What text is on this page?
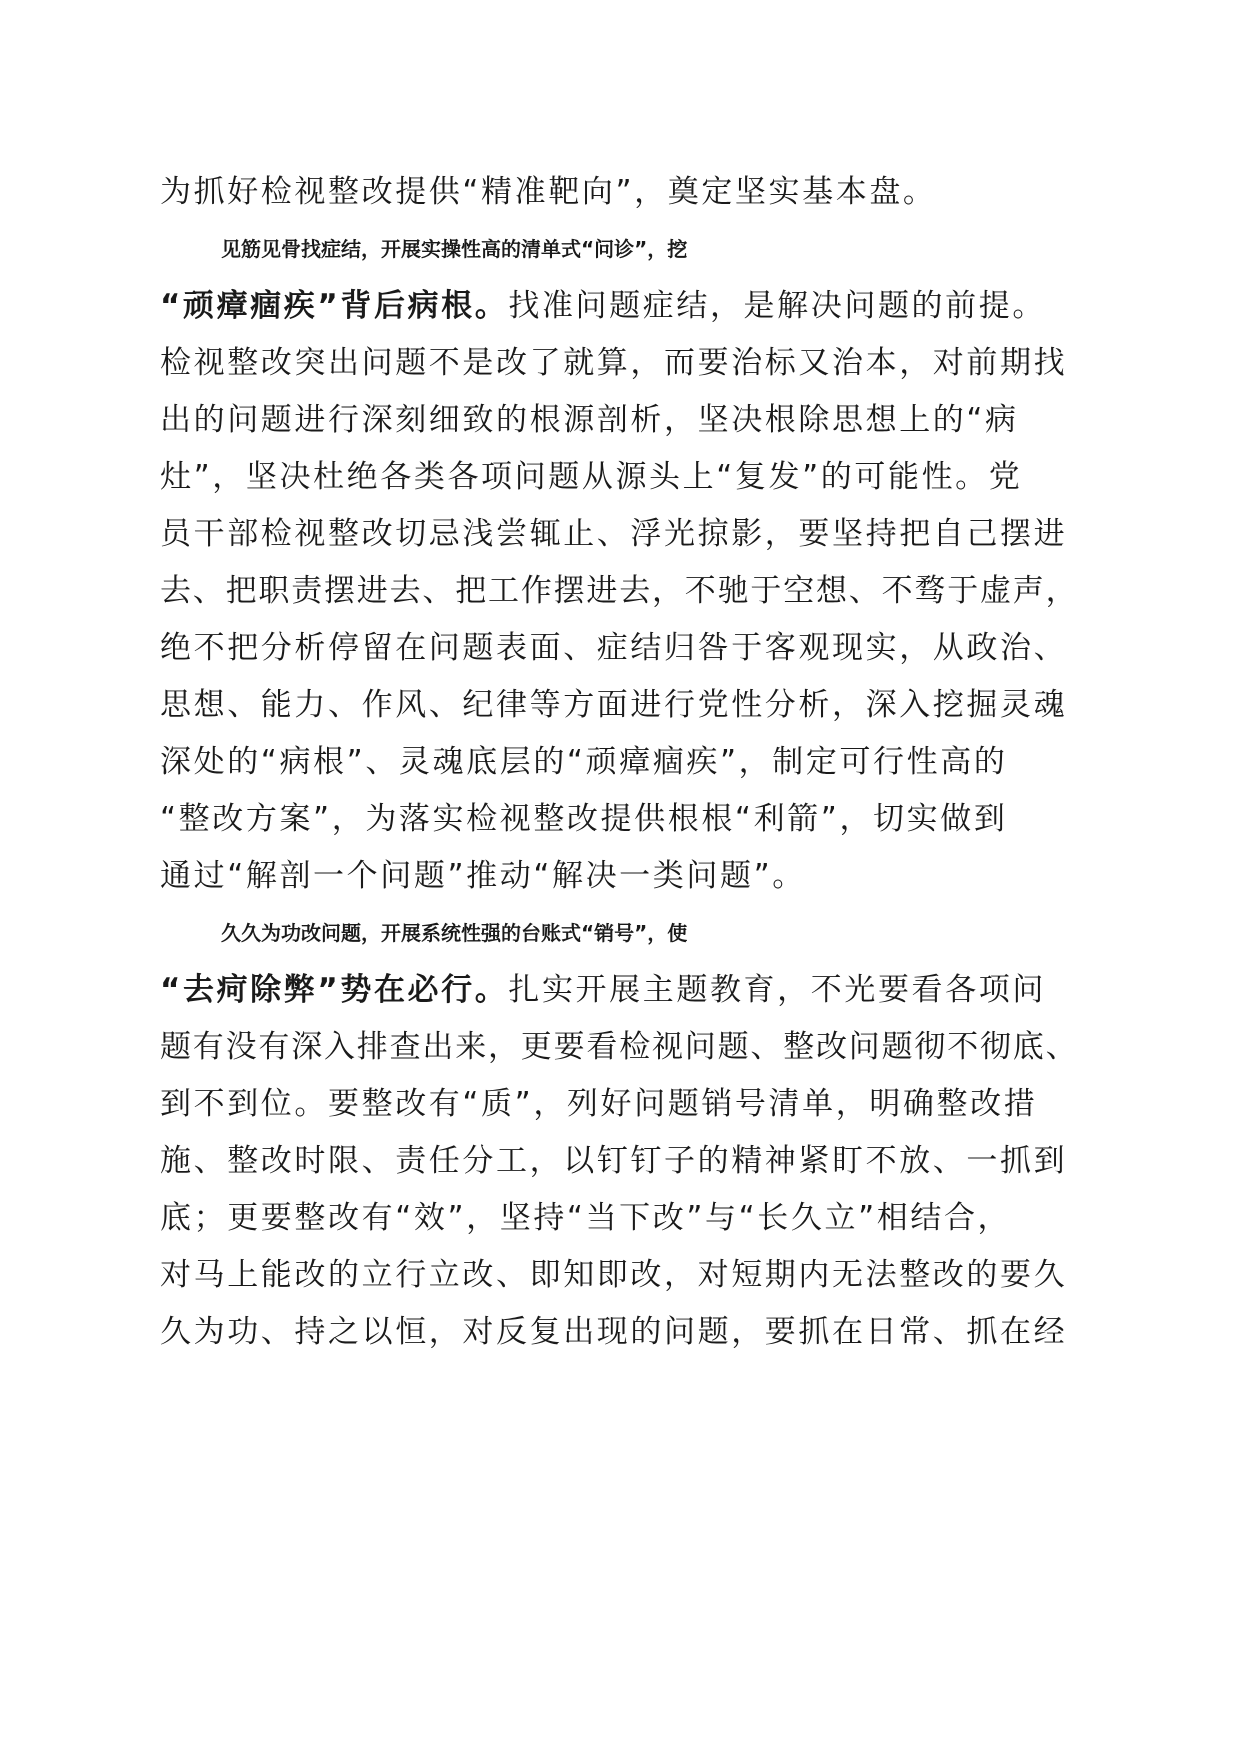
为抓好检视整改提供“精准靶向”，奠定坚实基本盘。
见筋见骨找症结，开展实操性高的清单式“问诊”，挖
“顽瘴痼疾”背后病根。找准问题症结，是解决问题的前提。
检视整改突出问题不是改了就算，而要治标又治本，对前期找
出的问题进行深刻细致的根源剖析，坚决根除思想上的“病
灶”，坚决杜绝各类各项问题从源头上“复发”的可能性。党
员干部检视整改切忌浅尝辄止、浮光掠影，要坚持把自己摆进
去、把职责摆进去、把工作摆进去，不驰于空想、不骛于虚声，
绝不把分析停留在问题表面、症结归咎于客观现实，从政治、
思想、能力、作风、纪律等方面进行党性分析，深入挖掘灵魂
深处的“病根”、灵魂底层的“顽瘴痼疾”，制定可行性高的
“整改方案”，为落实检视整改提供根根“利箭”，切实做到
通过“解剖一个问题”推动“解决一类问题”。
久久为功改问题，开展系统性强的台账式“销号”，使
“去疴除弊”势在必行。扎实开展主题教育，不光要看各项问
题有没有深入排查出来，更要看检视问题、整改问题彻不彻底、
到不到位。要整改有“质”，列好问题销号清单，明确整改措
施、整改时限、责任分工，以钉钉子的精神紧盯不放、一抓到
底；更要整改有“效”，坚持“当下改”与“长久立”相结合，
对马上能改的立行立改、即知即改，对短期内无法整改的要久
久为功、持之以恒，对反复出现的问题，要抓在日常、抓在经
